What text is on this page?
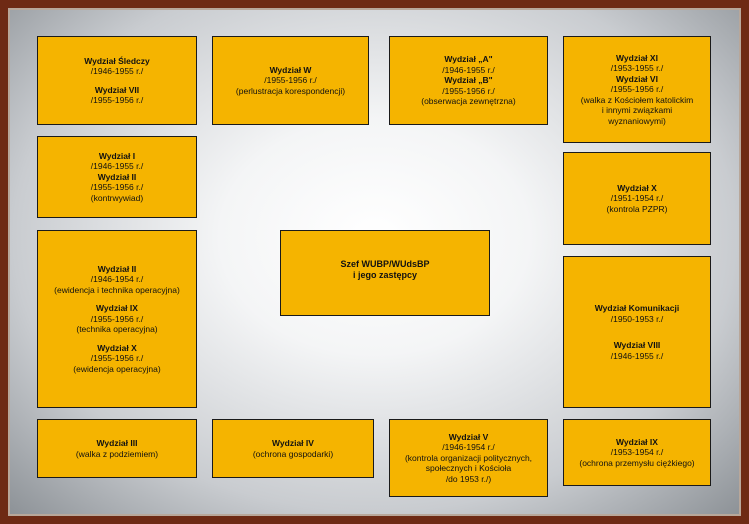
Wydział Śledczy
/1946-1955 r./
Wydział VII
/1955-1956 r./
Wydział W
/1955-1956 r./
(perlustracja korespondencji)
Wydział „A"
/1946-1955 r./
Wydział „B"
/1955-1956 r./
(obserwacja zewnętrzna)
Wydział XI
/1953-1955 r./
Wydział VI
/1955-1956 r./
(walka z Kościołem katolickim
i innymi związkami
wyznaniowymi)
Wydział I
/1946-1955 r./
Wydział II
/1955-1956 r./
(kontrwywiad)
Wydział II
/1946-1954 r./
(ewidencja i technika operacyjna)
Wydział IX
/1955-1956 r./
(technika operacyjna)
Wydział X
/1955-1956 r./
(ewidencja operacyjna)
Szef WUBP/WUdsBP
i jego zastępcy
Wydział X
/1951-1954 r./
(kontrola PZPR)
Wydział Komunikacji
/1950-1953 r./
Wydział VIII
/1946-1955 r./
Wydział III
(walka z podziemiem)
Wydział IV
(ochrona gospodarki)
Wydział V
/1946-1954 r./
(kontrola organizacji politycznych,
społecznych i Kościoła
/do 1953 r./)
Wydział IX
/1953-1954 r./
(ochrona przemysłu ciężkiego)
